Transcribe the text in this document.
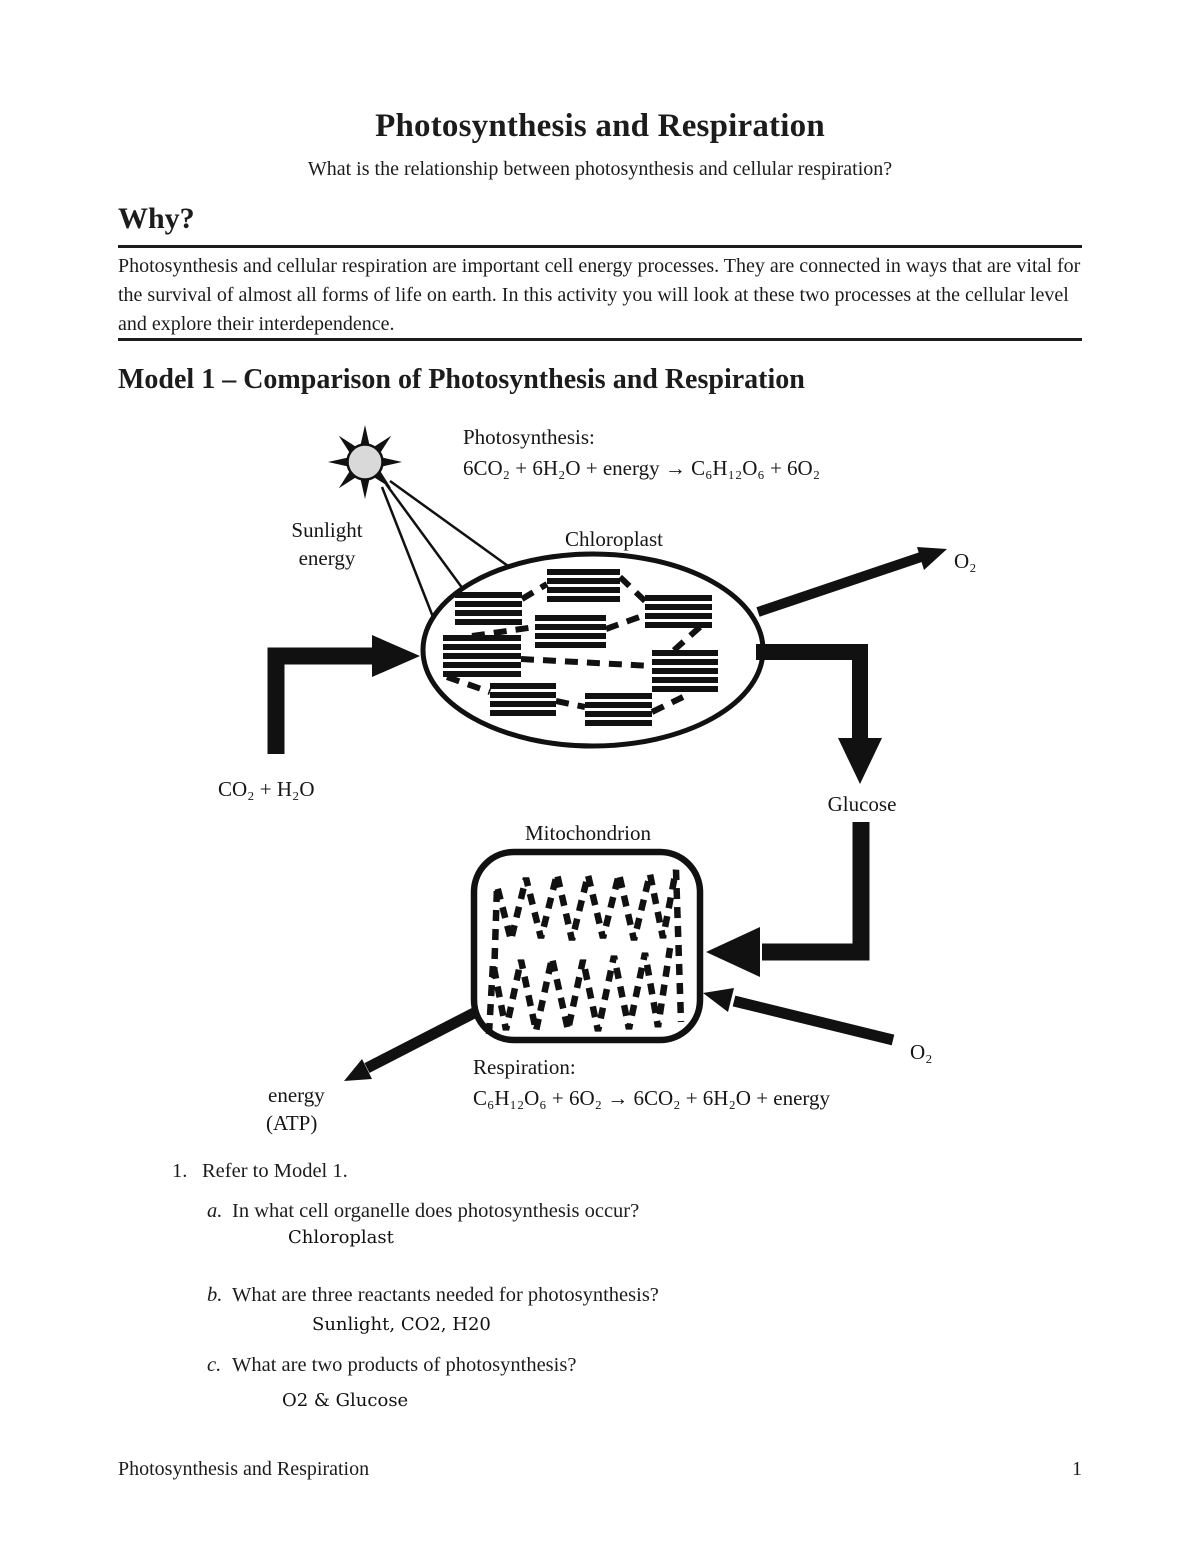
Photosynthesis and Respiration
What is the relationship between photosynthesis and cellular respiration?
Why?

Photosynthesis and cellular respiration are important cell energy processes. They are connected in ways that are vital for the survival of almost all forms of life on earth. In this activity you will look at these two processes at the cellular level and explore their interdependence.

Model 1 – Comparison of Photosynthesis and Respiration
Photosynthesis:
6CO₂ + 6H₂O + energy → C₆H₁₂O₆ + 6O₂
Sunlight
energy
Chloroplast
O₂
CO₂ + H₂O
Glucose
Mitochondrion
O₂
energy
(ATP)
Respiration:
C₆H₁₂O₆ + 6O₂ → 6CO₂ + 6H₂O + energy
1. Refer to Model 1.
a. In what cell organelle does photosynthesis occur?
Chloroplast
b. What are three reactants needed for photosynthesis?
Sunlight, CO2, H20
c. What are two products of photosynthesis?
O2 & Glucose
Photosynthesis and Respiration	1
